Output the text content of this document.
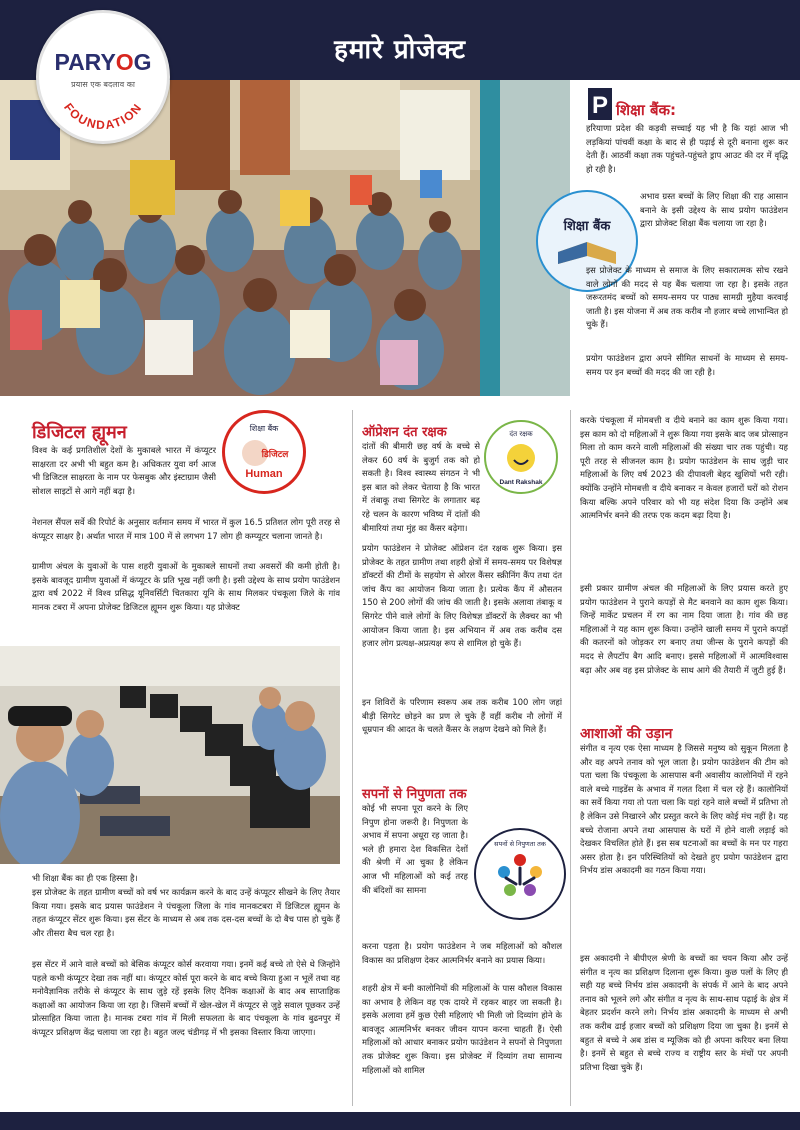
हमारे प्रोजेक्ट
FOUNDATION
PARYOG
प्रयास एक बदलाव का
P शिक्षा बैंक:

हरियाणा प्रदेश की कड़वी सच्चाई यह भी है कि यहां आज भी लड़कियां पांचवीं कक्षा के बाद से ही पढ़ाई से दूरी बनाना शुरू कर देती हैं। आठवीं कक्षा तक पहुंचते-पहुंचते ड्राप आउट की दर में वृद्धि हो रही है।

शिक्षा बैंक

अभाव ग्रस्त बच्चों के लिए शिक्षा की राह आसान बनाने के इसी उद्देश्य के साथ प्रयोग फाउंडेशन द्वारा प्रोजेक्ट शिक्षा बैंक चलाया जा रहा है।

इस प्रोजेक्ट के माध्यम से समाज के लिए सकारात्मक सोच रखने वाले लोगों की मदद से यह बैंक चलाया जा रहा है। इसके तहत जरूरतमंद बच्चों को समय-समय पर पाठ्य सामग्री मुहैया करवाई जाती है। इस योजना में अब तक करीब नौ हजार बच्चे लाभान्वित हो चुके हैं।

प्रयोग फाउंडेशन द्वारा अपने सीमित साधनों के माध्यम से समय-समय पर इन बच्चों की मदद की जा रही है।

डिजिटल ह्यूमन	शिक्षा बैंक
डिजिटल
Human

विश्व के कई प्रगतिशील देशों के मुकाबले भारत में कंप्यूटर साक्षरता दर अभी भी बहुत कम है। अधिकतर युवा वर्ग आज भी डिजिटल साक्षरता के नाम पर फेसबुक और इंस्टाग्राम जैसी सोशल साइटों से आगे नहीं बढ़ा है।

नेशनल सैंपल सर्वे की रिपोर्ट के अनुसार वर्तमान समय में भारत में कुल 16.5 प्रतिशत लोग पूरी तरह से कंप्यूटर साक्षर है। अर्थात भारत में मात्र 100 में से लगभग 17 लोग ही कम्प्यूटर चलाना जानते है।

ग्रामीण अंचल के युवाओं के पास शहरी युवाओं के मुकाबले साधनों तथा अवसरों की कमी होती है। इसके बावजूद ग्रामीण युवाओं में कंप्यूटर के प्रति भूख नहीं जगी है। इसी उद्देश्य के साथ प्रयोग फाउंडेशन द्वारा वर्ष 2022 में विश्व प्रसिद्ध यूनिवर्सिटी चितकारा यूनि के साथ मिलकर पंचकूला जिले के गांव मानक टबरा में अपना प्रोजेक्ट डिजिटल ह्यूमन शुरू किया। यह प्रोजेक्ट

भी शिक्षा बैंक का ही एक हिस्सा है।

इस प्रोजेक्ट के तहत ग्रामीण बच्चों को वर्ष भर कार्यक्रम करने के बाद उन्हें कंप्यूटर सीखने के लिए तैयार किया गया। इसके बाद प्रयास फाउंडेशन ने पंचकूला जिला के गांव मानकटबरा में डिजिटल ह्यूमन के तहत कंप्यूटर सेंटर शुरू किया। इस सेंटर के माध्यम से अब तक दस-दस बच्चों के दो बैच पास हो चुके हैं और तीसरा बैच चल रहा है।

इस सेंटर में आने वाले बच्चों को बेसिक कंप्यूटर कोर्स करवाया गया। इनमें कई बच्चे तो ऐसे थे जिन्होंने पहले कभी कंप्यूटर देखा तक नहीं था। कंप्यूटर कोर्स पूरा करने के बाद बच्चे किया हुआ न भूलें तथा वह मनोवैज्ञानिक तरीके से कंप्यूटर के साथ जुड़े रहें इसके लिए दैनिक कक्षाओं के बाद अब साप्ताहिक कक्षाओं का आयोजन किया जा रहा है। जिसमें बच्चों में खेल-खेल में कंप्यूटर से जुड़े सवाल पूछकर उन्हें प्रोत्साहित किया जाता है। मानक टबरा गांव में मिली सफलता के बाद पंचकूला के गांव बुढनपुर में कंप्यूटर प्रशिक्षण केंद्र चलाया जा रहा है। बहुत जल्द चंडीगढ़ में भी इसका विस्तार किया जाएगा।

ऑप्रेशन दंत रक्षक	दंत रक्षक
Dant Rakshak

दांतों की बीमारी छह वर्ष के बच्चे से लेकर 60 वर्ष के बुजुर्ग तक को हो सकती है। विश्व स्वास्थ्य संगठन ने भी इस बात को लेकर चेताया है कि भारत में तंबाकू तथा सिगरेट के लगातार बढ़ रहे चलन के कारण भविष्य में दांतों की बीमारियां तथा मुंह का कैंसर बढ़ेगा।

प्रयोग फाउंडेशन ने प्रोजेक्ट ऑप्रेशन दंत रक्षक शुरू किया। इस प्रोजेक्ट के तहत ग्रामीण तथा शहरी क्षेत्रों में समय-समय पर विशेषज्ञ डॉक्टरों की टीमों के सहयोग से ओरल कैंसर स्क्रीनिंग कैंप तथा दंत जांच कैंप का आयोजन किया जाता है। प्रत्येक कैंप में औसतन 150 से 200 लोगों की जांच की जाती है। इसके अलावा तंबाकू व सिगरेट पीने वाले लोगों के लिए विशेषज्ञ डॉक्टरों के लैक्चर का भी आयोजन किया जाता है। इस अभियान में अब तक करीब दस हजार लोग प्रत्यक्ष-अप्रत्यक्ष रूप से शामिल हो चुके हैं।

इन शिविरों के परिणाम स्वरूप अब तक करीब 100 लोग जहां बीड़ी सिगरेट छोड़ने का प्रण ले चुके हैं वहीं करीब नौ लोगों में धूम्रपान की आदत के चलते कैंसर के लक्षण देखने को मिले हैं।

सपनों से निपुणता तक

कोई भी सपना पूरा करने के लिए निपुण होना जरूरी है। निपुणता के अभाव में सपना अधूरा रह जाता है। भले ही हमारा देश विकसित देशों की श्रेणी में आ चुका है लेकिन आज भी महिलाओं को कई तरह की बंदिशों का सामना

सपनों से निपुणता तक

करना पड़ता है। प्रयोग फाउंडेशन ने जब महिलाओं को कौशल विकास का प्रशिक्षण देकर आत्मनिर्भर बनाने का प्रयास किया।

शहरी क्षेत्र में बनी कालोनियों की महिलाओं के पास कौशल विकास का अभाव है लेकिन वह एक दायरे में रहकर बाहर जा सकती है। इसके अलावा हमें कुछ ऐसी महिलाएं भी मिली जो दिव्यांग होने के बावजूद आत्मनिर्भर बनकर जीवन यापन करना चाहती हैं। ऐसी महिलाओं को आधार बनाकर प्रयोग फाउंडेशन ने सपनों से निपुणता तक प्रोजेक्ट शुरू किया। इस प्रोजेक्ट में दिव्यांग तथा सामान्य महिलाओं को शामिल

करके पंचकूला में मोमबत्ती व दीये बनाने का काम शुरू किया गया। इस काम को दो महिलाओं ने शुरू किया गया इसके बाद जब प्रोत्साहन मिला तो काम करने वाली महिलाओं की संख्या चार तक पहुंची। यह पूरी तरह से सीजनल काम है। प्रयोग फाउंडेशन के साथ जुड़ी चार महिलाओं के लिए वर्ष 2023 की दीपावली बेहद खुशियों भरी रही। क्योंकि उन्होंने मोमबत्ती व दीये बनाकर न केवल हजारों घरों को रोशन किया बल्कि अपने परिवार को भी यह संदेश दिया कि उन्होंने अब आत्मनिर्भर बनने की तरफ एक कदम बढ़ा दिया है।

इसी प्रकार ग्रामीण अंचल की महिलाओं के लिए प्रयास करते हुए प्रयोग फाउंडेशन ने पुराने कपड़ों से मैट बनवाने का काम शुरू किया। जिन्हें मार्केट प्रचलन में रग का नाम दिया जाता है। गांव की छह महिलाओं ने यह काम शुरू किया। उन्होंने खाली समय में पुराने कपड़ों की कतरनों को जोड़कर रग बनाए तथा जीन्स के पुराने कपड़ों की मदद से लैपटॉप बैग आदि बनाए। इससे महिलाओं में आत्मविश्वास बढ़ा और अब वह इस प्रोजेक्ट के साथ आगे की तैयारी में जुटी हुई हैं।

आशाओं की उड़ान

संगीत व नृत्य एक ऐसा माध्यम है जिससे मनुष्य को सुकून मिलता है और वह अपने तनाव को भूल जाता है। प्रयोग फाउंडेशन की टीम को पता चला कि पंचकूला के आसपास बनी अवासीय कालोनियों में रहने वाले बच्चे गाइडेंस के अभाव में गलत दिशा में चल रहे हैं। कालोनियों का सर्वे किया गया तो पता चला कि यहां रहने वाले बच्चों में प्रतिभा तो है लेकिन उसे निखारने और प्रस्तुत करने के लिए कोई मंच नहीं है। यह बच्चे रोजाना अपने तथा आसपास के घरों में होने वाली लड़ाई को देखकर विचलित होते हैं। इस सब घटनाओं का बच्चों के मन पर गहरा असर होता है। इन परिस्थितियों को देखते हुए प्रयोग फाउंडेशन द्वारा निर्भय डांस अकादमी का गठन किया गया।

इस अकादमी ने बीपीएल श्रेणी के बच्चों का चयन किया और उन्हें संगीत व नृत्य का प्रशिक्षण दिलाना शुरू किया। कुछ पलों के लिए ही सही यह बच्चे निर्भय डांस अकादमी के संपर्क में आने के बाद अपने तनाव को भूलने लगे और संगीत व नृत्य के साथ-साथ पढ़ाई के क्षेत्र में बेहतर प्रदर्शन करने लगे। निर्भय डांस अकादमी के माध्यम से अभी तक करीब ढाई हजार बच्चों को प्रशिक्षण दिया जा चुका है। इनमें से बहुत से बच्चे ने अब डांस व म्यूजिक को ही अपना करियर बना लिया है। इनमें से बहुत से बच्चे राज्य व राष्ट्रीय स्तर के मंचों पर अपनी प्रतिभा दिखा चुके हैं।
